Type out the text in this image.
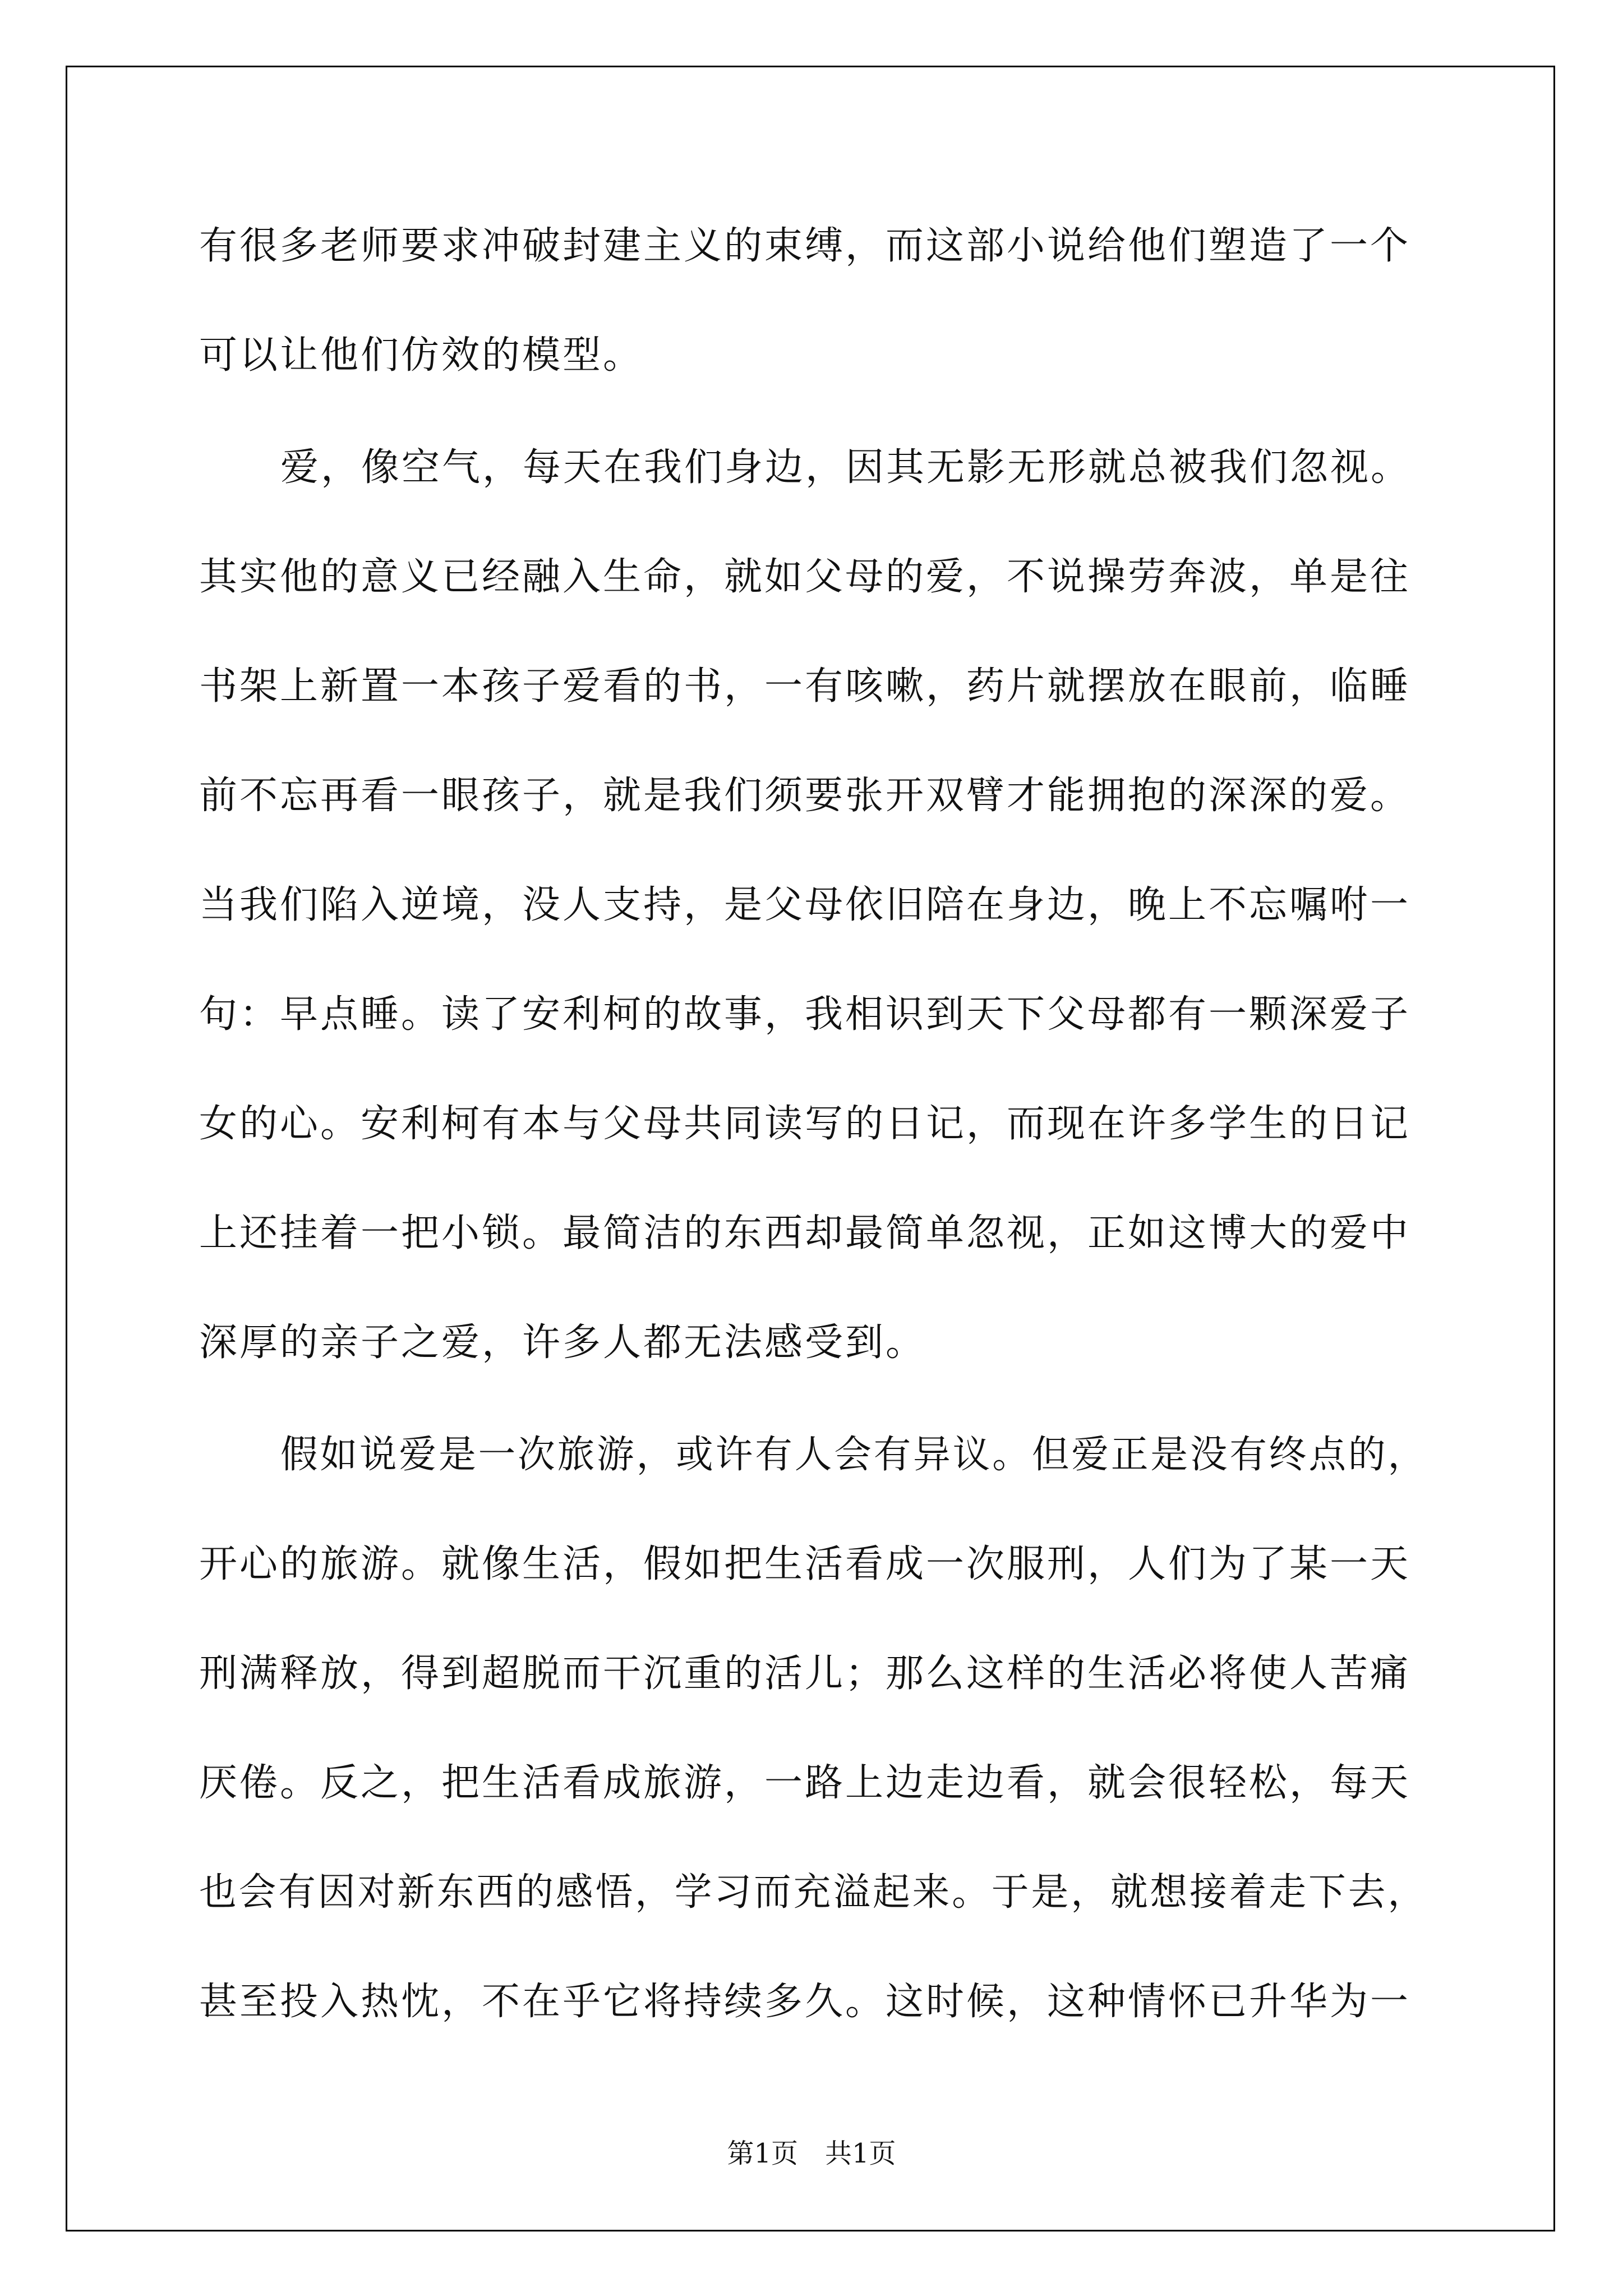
有很多老师要求冲破封建主义的束缚，而这部小说给他们塑造了一个
可以让他们仿效的模型。
爱，像空气，每天在我们身边，因其无影无形就总被我们忽视。
其实他的意义已经融入生命，就如父母的爱，不说操劳奔波，单是往
书架上新置一本孩子爱看的书，一有咳嗽，药片就摆放在眼前，临睡
前不忘再看一眼孩子，就是我们须要张开双臂才能拥抱的深深的爱。
当我们陷入逆境，没人支持，是父母依旧陪在身边，晚上不忘嘱咐一
句：早点睡。读了安利柯的故事，我相识到天下父母都有一颗深爱子
女的心。安利柯有本与父母共同读写的日记，而现在许多学生的日记
上还挂着一把小锁。最简洁的东西却最简单忽视，正如这博大的爱中
深厚的亲子之爱，许多人都无法感受到。
假如说爱是一次旅游，或许有人会有异议。但爱正是没有终点的，
开心的旅游。就像生活，假如把生活看成一次服刑，人们为了某一天
刑满释放，得到超脱而干沉重的活儿；那么这样的生活必将使人苦痛
厌倦。反之，把生活看成旅游，一路上边走边看，就会很轻松，每天
也会有因对新东西的感悟，学习而充溢起来。于是，就想接着走下去，
甚至投入热忱，不在乎它将持续多久。这时候，这种情怀已升华为一
第1页　共1页
